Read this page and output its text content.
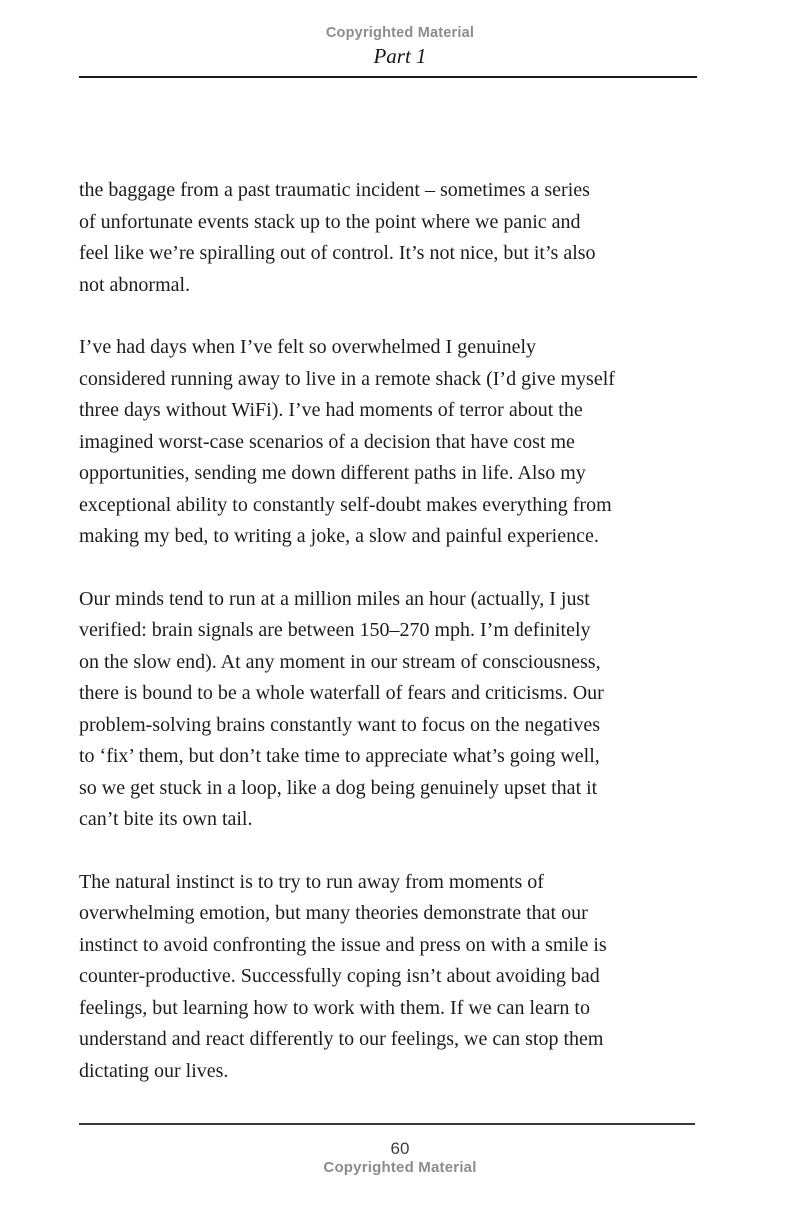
Copyrighted Material
Part 1

the baggage from a past traumatic incident – sometimes a series
of unfortunate events stack up to the point where we panic and
feel like we’re spiralling out of control. It’s not nice, but it’s also
not abnormal.

I’ve had days when I’ve felt so overwhelmed I genuinely
considered running away to live in a remote shack (I’d give myself
three days without WiFi). I’ve had moments of terror about the
imagined worst-case scenarios of a decision that have cost me
opportunities, sending me down different paths in life. Also my
exceptional ability to constantly self-doubt makes everything from
making my bed, to writing a joke, a slow and painful experience.

Our minds tend to run at a million miles an hour (actually, I just
verified: brain signals are between 150–270 mph. I’m definitely
on the slow end). At any moment in our stream of consciousness,
there is bound to be a whole waterfall of fears and criticisms. Our
problem-solving brains constantly want to focus on the negatives
to ‘fix’ them, but don’t take time to appreciate what’s going well,
so we get stuck in a loop, like a dog being genuinely upset that it
can’t bite its own tail.

The natural instinct is to try to run away from moments of
overwhelming emotion, but many theories demonstrate that our
instinct to avoid confronting the issue and press on with a smile is
counter-productive. Successfully coping isn’t about avoiding bad
feelings, but learning how to work with them. If we can learn to
understand and react differently to our feelings, we can stop them
dictating our lives.

60
Copyrighted Material
